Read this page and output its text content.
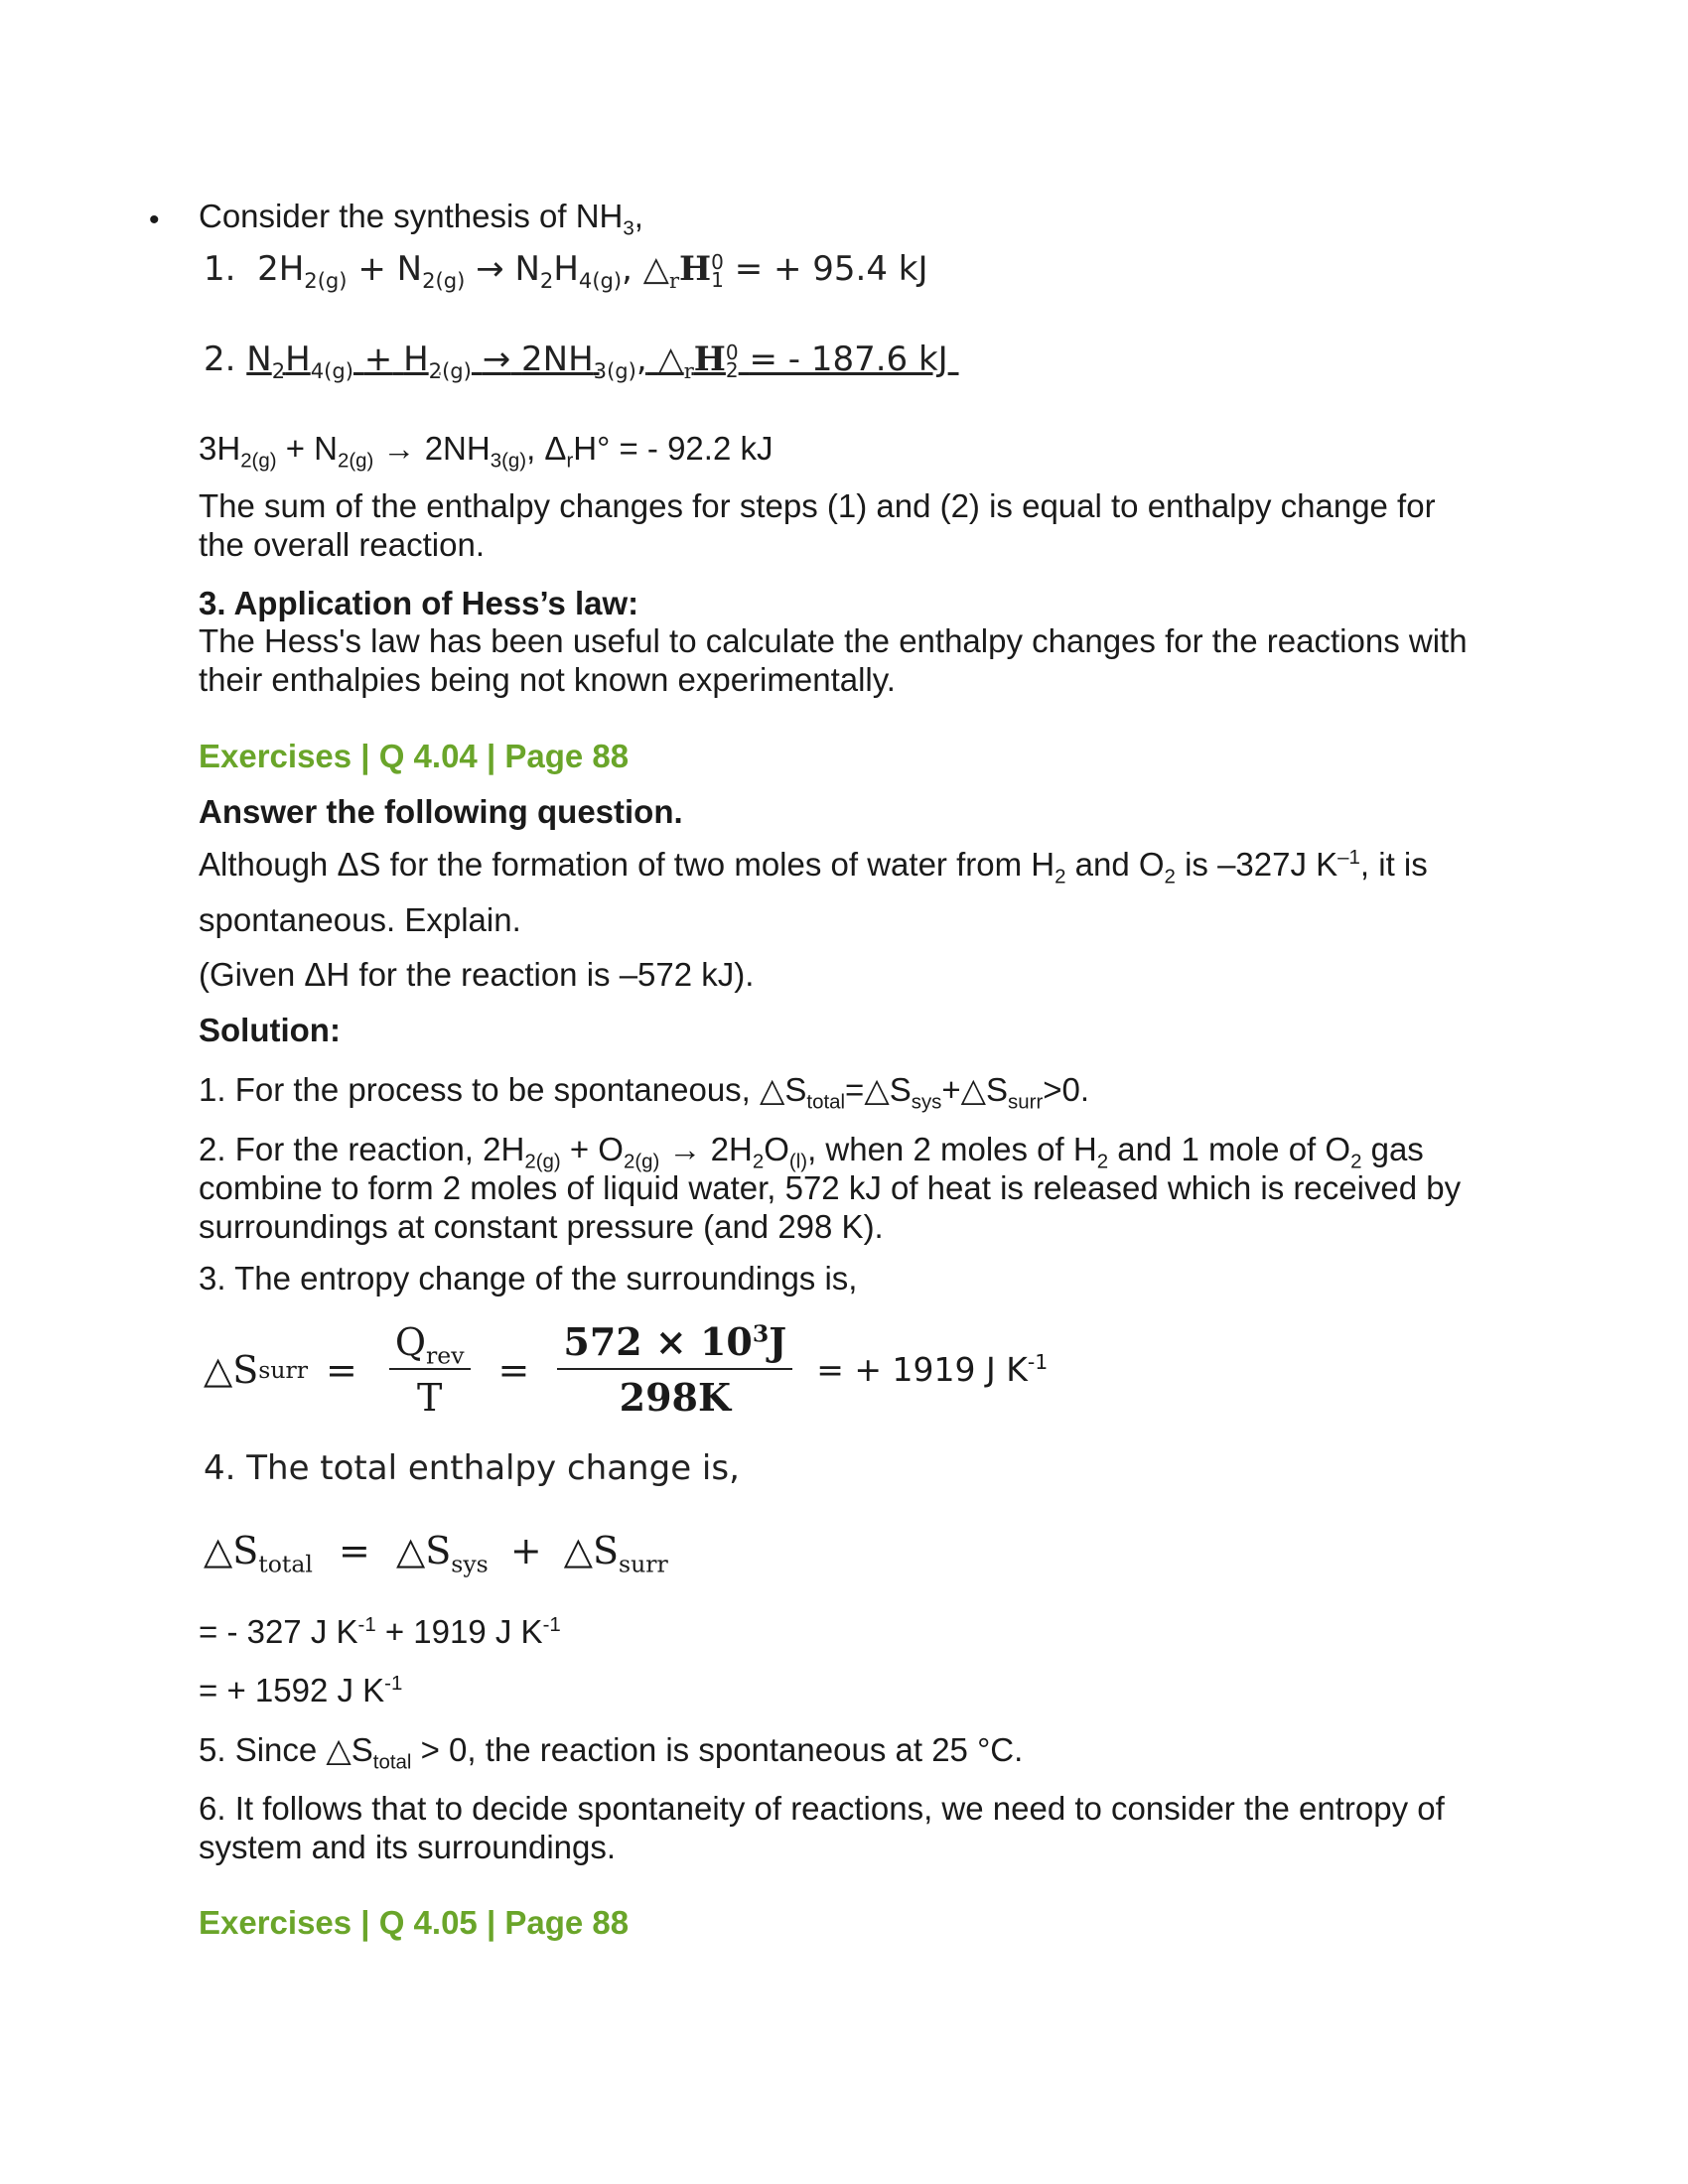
• Consider the synthesis of $NH_3$,
1. $2H_{2(g)} + N_{2(g)} \to N_2H_{4(g)}$, $\triangle_rH$ 0
1 = + 95.4 kJ
2. $N_2H_{4(g)} + H_{2(g)} \to 2NH_{3(g)}$, $\triangle_rH$ 0
2 = - 187.6 kJ
$3H_{2(g)} + N_{2(g)} \to 2NH_{3(g)}$, $\Delta_rH^\circ$ = - 92.2 kJ
The sum of the enthalpy changes for steps (1) and (2) is equal to enthalpy change for the overall reaction.
3. Application of Hess’s law:
The Hess's law has been useful to calculate the enthalpy changes for the reactions with their enthalpies being not known experimentally.
Exercises | Q 4.04 | Page 88
Answer the following question.
Although ΔS for the formation of two moles of water from $H_2$ and $O_2$ is –327J $K^{-1}$, it is
spontaneous. Explain.
(Given ΔH for the reaction is –572 kJ).
Solution:
1. For the process to be spontaneous, $\triangle S_{total}=\triangle S_{sys}+\triangle S_{surr}>0$.
2. For the reaction, $2H_{2(g)} + O_{2(g)} \to 2H_2O_{(l)}$, when 2 moles of $H_2$ and 1 mole of $O_2$ gas combine to form 2 moles of liquid water, 572 kJ of heat is released which is received by surroundings at constant pressure (and 298 K).
3. The entropy change of the surroundings is,
△S surr = $\frac{Q_{rev}}{T} = \frac{572 \times 10^3J}{298K}$ = + 1919 J $K^{-1}$
4. The total enthalpy change is,
$\triangle S_{total}$ = $\triangle S_{sys}$ + $\triangle S_{surr}$
= - 327 J $K^{-1} + 1919$ J $K^{-1}$
= + 1592 J $K^{-1}$
5. Since $\triangle S_{total} > 0$, the reaction is spontaneous at 25 °C.
6. It follows that to decide spontaneity of reactions, we need to consider the entropy of system and its surroundings.
Exercises | Q 4.05 | Page 88
